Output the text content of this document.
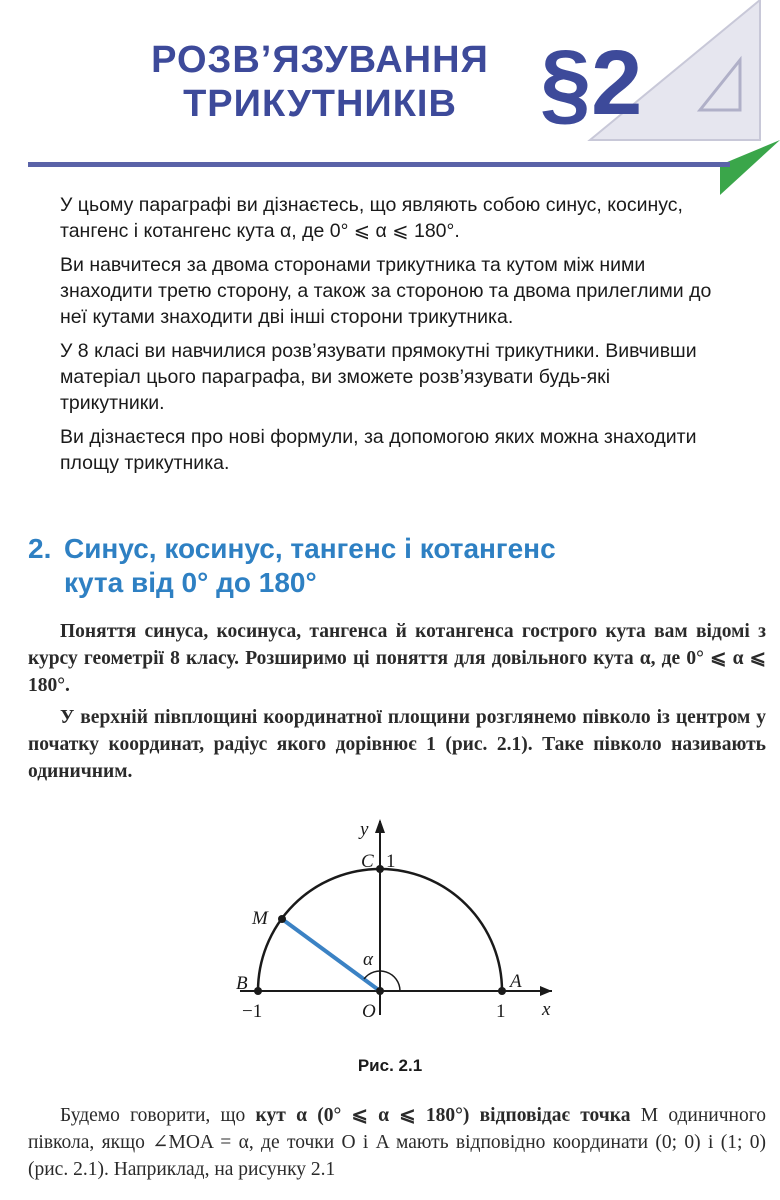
РОЗВ’ЯЗУВАННЯ
ТРИКУТНИКІВ §2

У цьому параграфі ви дізнаєтесь, що являють собою синус, косинус, тангенс і котангенс кута α, де 0° ⩽ α ⩽ 180°.

Ви навчитеся за двома сторонами трикутника та кутом між ними знаходити третю сторону, а також за стороною та двома прилеглими до неї кутами знаходити дві інші сторони трикутника.

У 8 класі ви навчилися розв’язувати прямокутні трикутники. Вивчивши матеріал цього параграфа, ви зможете розв’язувати будь-які трикутники.

Ви дізнаєтеся про нові формули, за допомогою яких можна знаходити площу трикутника.

2. Синус, косинус, тангенс і котангенс
кута від 0° до 180°

Поняття синуса, косинуса, тангенса й котангенса гострого кута вам відомі з курсу геометрії 8 класу. Розширимо ці поняття для довільного кута α, де 0° ⩽ α ⩽ 180°.

У верхній півплощині координатної площини розглянемо півколо із центром у початку координат, радіус якого дорівнює 1 (рис. 2.1). Таке півколо називають одиничним.

y
x
C 1
M
α
B	A
−1	O	1
Рис. 2.1

Будемо говорити, що кут α (0° ⩽ α ⩽ 180°) відповідає точка M одиничного півкола, якщо ∠MOA = α, де точки O і A мають відповідно координати (0; 0) і (1; 0) (рис. 2.1). Наприклад, на рисунку 2.1
